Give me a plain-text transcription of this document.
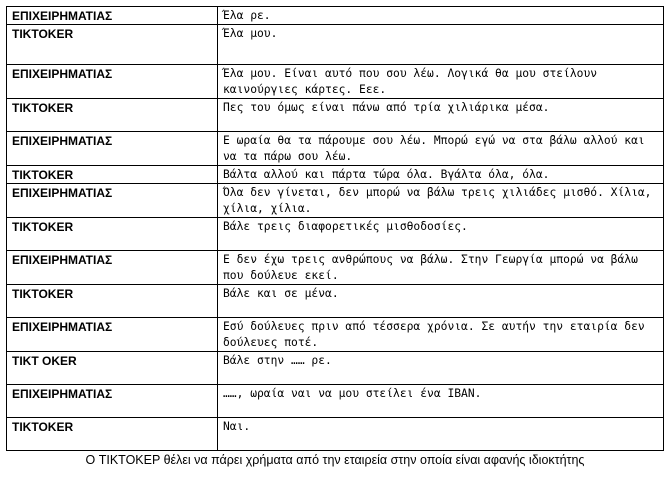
ΕΠΙΧΕΙΡΗΜΑΤΙΑΣ	Έλα ρε.
TIKTOKER	Έλα μου.
ΕΠΙΧΕΙΡΗΜΑΤΙΑΣ	Έλα μου. Είναι αυτό που σου λέω. Λογικά θα μου στείλουν καινούργιες κάρτες. Εεε.
TIKTOKER	Πες του όμως είναι πάνω από τρία χιλιάρικα μέσα.
ΕΠΙΧΕΙΡΗΜΑΤΙΑΣ	Ε ωραία θα τα πάρουμε σου λέω. Μπορώ εγώ να στα βάλω αλλού και να τα πάρω σου λέω.
TIKTOKER	Βάλτα αλλού και πάρτα τώρα όλα. Βγάλτα όλα, όλα.
ΕΠΙΧΕΙΡΗΜΑΤΙΑΣ	Όλα δεν γίνεται, δεν μπορώ να βάλω τρεις χιλιάδες μισθό. Χίλια, χίλια, χίλια.
TIKTOKER	Βάλε τρεις διαφορετικές μισθοδοσίες.
ΕΠΙΧΕΙΡΗΜΑΤΙΑΣ	Ε δεν έχω τρεις ανθρώπους να βάλω. Στην Γεωργία μπορώ να βάλω που δούλευε εκεί.
TIKTOKER	Βάλε και σε μένα.
ΕΠΙΧΕΙΡΗΜΑΤΙΑΣ	Εσύ δούλευες πριν από τέσσερα χρόνια. Σε αυτήν την εταιρία δεν δούλευες ποτέ.
TIKT OKER	Βάλε στην …… ρε.
ΕΠΙΧΕΙΡΗΜΑΤΙΑΣ	……, ωραία ναι να μου στείλει ένα IBAN.
TIKTOKER	Ναι.
Ο TIKTOKEP θέλει να πάρει χρήματα από την εταιρεία στην οποία είναι αφανής ιδιοκτήτης
